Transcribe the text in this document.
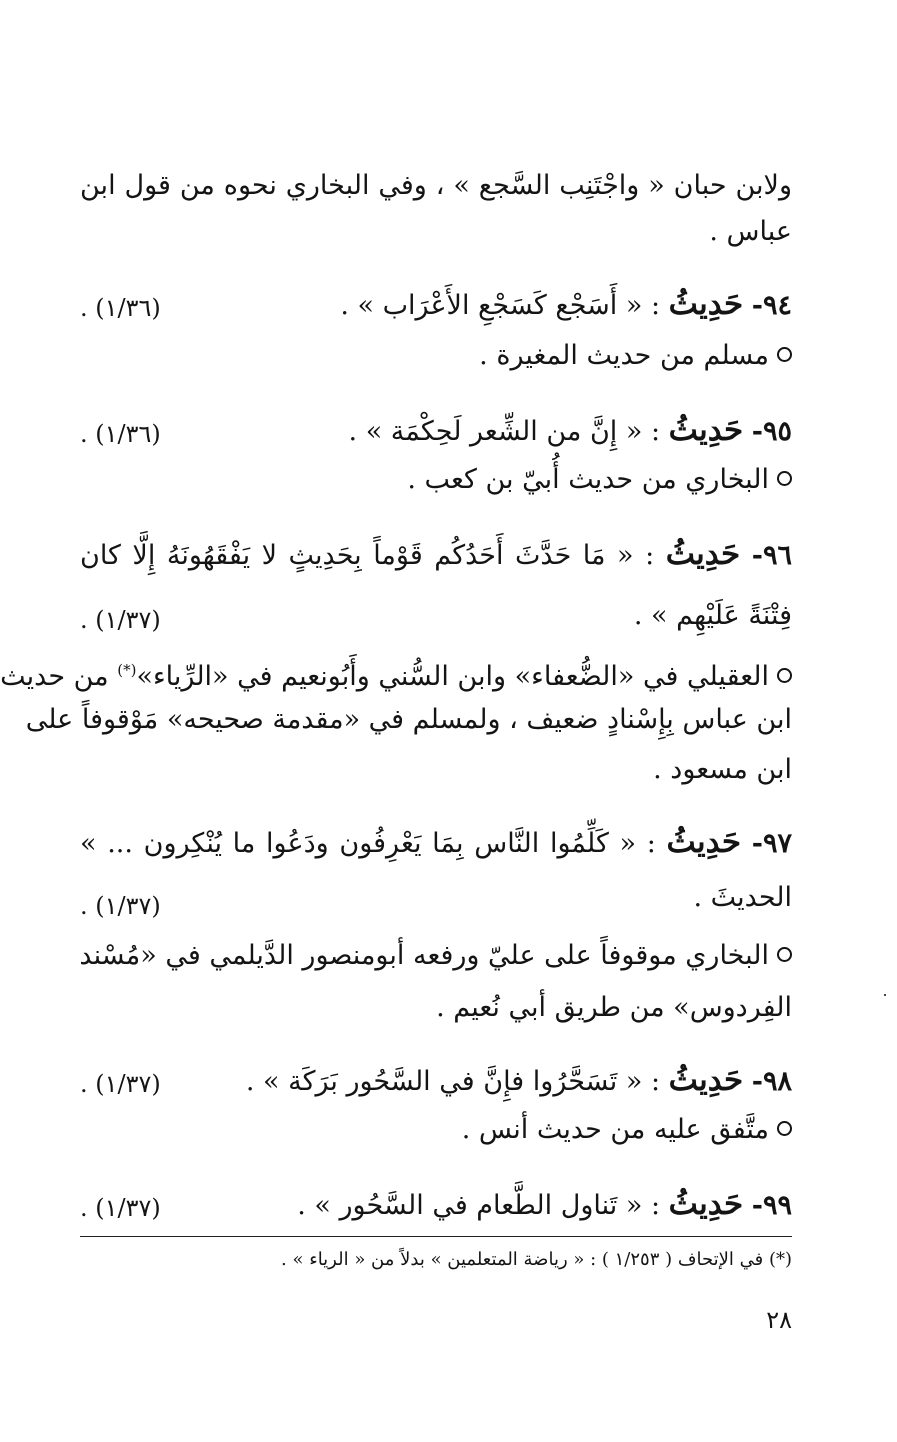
ولابن حبان « واجْتَنِب السَّجع » ، وفي البخاري نحوه من قول ابن
عباس .
٩٤- حَدِيثُ : « أَسَجْع كَسَجْعِ الأَعْرَاب » .
(١/٣٦) .
مسلم من حديث المغيرة .
٩٥- حَدِيثُ : « إِنَّ من الشِّعر لَحِكْمَة » .
(١/٣٦) .
البخاري من حديث أُبيّ بن كعب .
٩٦- حَدِيثُ : « مَا حَدَّثَ أَحَدُكُم قَوْماً بِحَدِيثٍ لا يَفْقَهُونَهُ إِلَّا كان
فِتْنَةً عَلَيْهِم » .
(١/٣٧) .
العقيلي في «الضُّعفاء» وابن السُّني وأَبُونعيم في «الرِّياء»(*) من حديث
ابن عباس بِإِسْنادٍ ضعيف ، ولمسلم في «مقدمة صحيحه» مَوْقوفاً على
ابن مسعود .
٩٧- حَدِيثُ : « كَلِّمُوا النَّاس بِمَا يَعْرِفُون ودَعُوا ما يُنْكِرون ... »
الحديثَ .
(١/٣٧) .
البخاري موقوفاً على عليّ ورفعه أبومنصور الدَّيلمي في «مُسْند
الفِردوس» من طريق أبي نُعيم .
٩٨- حَدِيثُ : « تَسَحَّرُوا فإِنَّ في السَّحُور بَرَكَة » .
(١/٣٧) .
متَّفق عليه من حديث أنس .
٩٩- حَدِيثُ : « تَناول الطَّعام في السَّحُور » .
(١/٣٧) .
(*) في الإتحاف ( ١/٢٥٣ ) : « رياضة المتعلمين » بدلاً من « الرياء » .
٢٨
